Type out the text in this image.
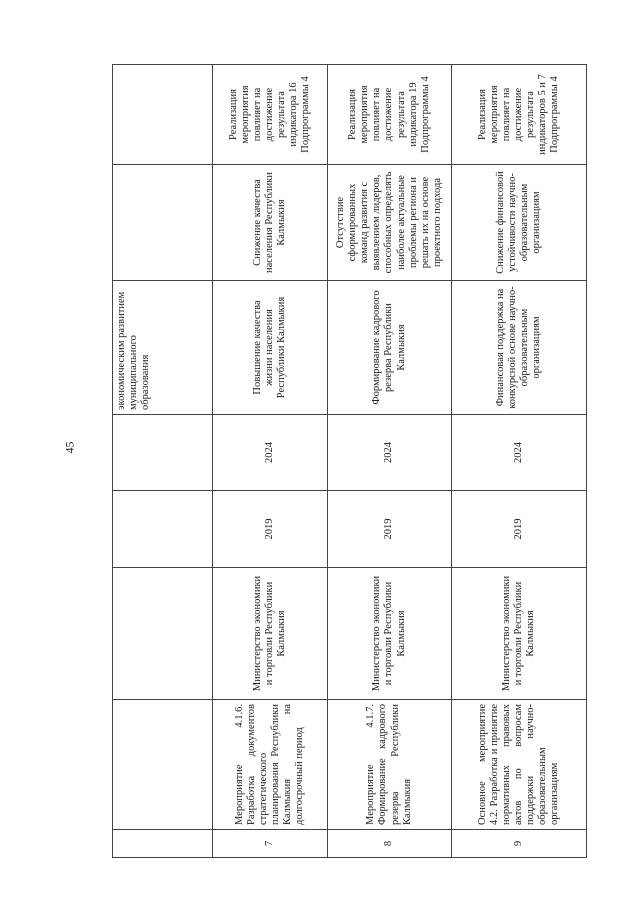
45
					экономическим развитием муниципального образования		
7	Мероприятие 4.1.6. Разработка документов стратегического планирования Республики Калмыкия на долгосрочный период	Министерство экономики и торговли Республики Калмыкия	2019	2024	Повышение качества жизни населения Республики Калмыкия	Снижение качества населения Республики Калмыкия	Реализация мероприятия повлияет на достижение результата индикатора 16 Подпрограммы 4
8	Мероприятие 4.1.7. Формирование кадрового резерва Республики Калмыкия	Министерство экономики и торговли Республики Калмыкия	2019	2024	Формирование кадрового резерва Республики Калмыкия	Отсутствие сформированных команд развития с выявлением лидеров, способных определять наиболее актуальные проблемы региона и решать их на основе проектного подхода	Реализация мероприятия повлияет на достижение результата индикатора 19 Подпрограммы 4
9	Основное мероприятие 4.2. Разработка и принятие нормативных правовых актов по вопросам поддержки научно-образовательным организациям	Министерство экономики и торговли Республики Калмыкия	2019	2024	Финансовая поддержка на конкурсной основе научно-образовательным организациям	Снижение финансовой устойчивости научно-образовательным организациям	Реализация мероприятия повлияет на достижение результата индикаторов 5 и 7 Подпрограммы 4
